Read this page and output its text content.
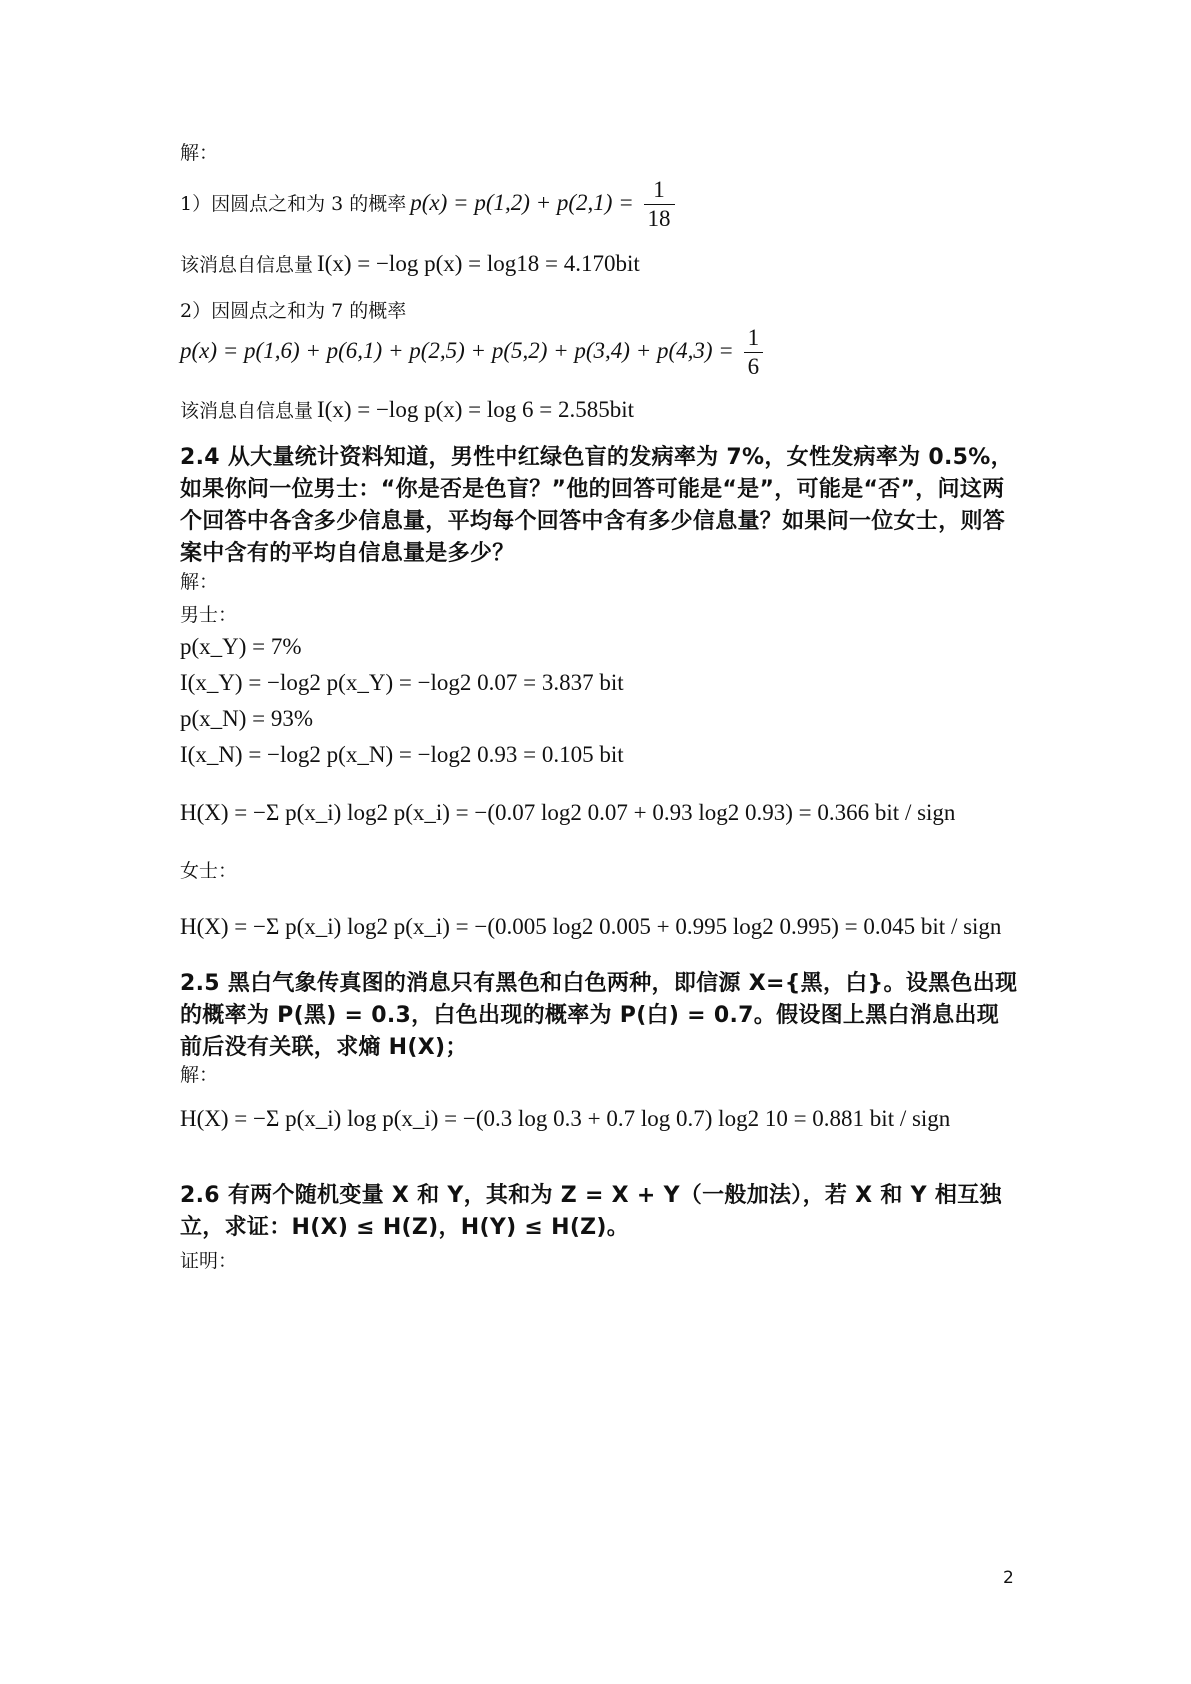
解：
1）因圆点之和为 3 的概率 $p(x) = p(1,2) + p(2,1) = \frac{1}{18}$
该消息自信息量 I(x) = −log p(x) = log18 = 4.170bit
2）因圆点之和为 7 的概率
$p(x) = p(1,6) + p(6,1) + p(2,5) + p(5,2) + p(3,4) + p(4,3) = \frac{1}{6}$
该消息自信息量 I(x) = −log p(x) = log 6 = 2.585bit
2.4 从大量统计资料知道，男性中红绿色盲的发病率为 7%，女性发病率为 0.5%，如果你问一位男士：“你是否是色盲？”他的回答可能是“是”，可能是“否”，问这两个回答中各含多少信息量，平均每个回答中含有多少信息量？如果问一位女士，则答案中含有的平均自信息量是多少？
解：
男士：
p(x_Y) = 7%
I(x_Y) = −log2 p(x_Y) = −log2 0.07 = 3.837 bit
p(x_N) = 93%
I(x_N) = −log2 p(x_N) = −log2 0.93 = 0.105 bit
H(X) = −Σ p(x_i) log2 p(x_i) = −(0.07 log2 0.07 + 0.93 log2 0.93) = 0.366 bit / sign
女士：
H(X) = −Σ p(x_i) log2 p(x_i) = −(0.005 log2 0.005 + 0.995 log2 0.995) = 0.045 bit / sign
2.5 黑白气象传真图的消息只有黑色和白色两种，即信源 X={黑，白}。设黑色出现的概率为 P(黑) = 0.3，白色出现的概率为 P(白) = 0.7。假设图上黑白消息出现前后没有关联，求熵 H(X)；
解：
H(X) = −Σ p(x_i) log p(x_i) = −(0.3 log 0.3 + 0.7 log 0.7) log2 10 = 0.881 bit / sign
2.6 有两个随机变量 X 和 Y，其和为 Z = X + Y（一般加法），若 X 和 Y 相互独立，求证：H(X) ≤ H(Z)，H(Y) ≤ H(Z)。
证明：
2
